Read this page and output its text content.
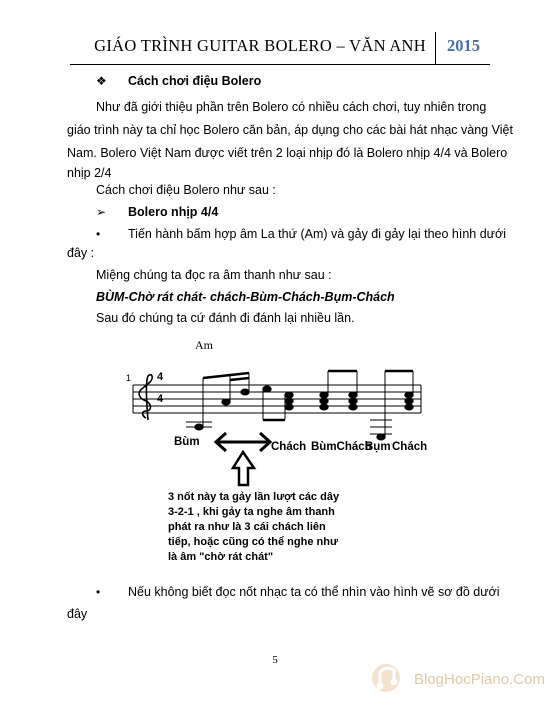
GIÁO TRÌNH GUITAR BOLERO – VĂN ANH 2015
❖ Cách chơi điệu Bolero
Như đã giới thiệu phần trên Bolero có nhiều cách chơi, tuy nhiên trong
giáo trình này ta chỉ học Bolero căn bản, áp dụng cho các bài hát nhạc vàng Việt
Nam. Bolero Việt Nam được viết trên 2 loại nhịp đó là Bolero nhịp 4/4 và Bolero
nhịp 2/4
Cách chơi điệu Bolero như sau :
➢ Bolero nhịp 4/4
• Tiến hành bấm hợp âm La thứ (Am) và gảy đi gảy lại theo hình dưới
đây :
Miệng chúng ta đọc ra âm thanh như sau :
BÙM-Chờ rát chát- chách-Bùm-Chách-Bụm-Chách
Sau đó chúng ta cứ đánh đi đánh lại nhiều lần.
Am
4
4
1
Bùm	Chách BùmChách
Bụm Chách
3 nốt này ta gảy lần lượt các dây
3-2-1 , khi gảy ta nghe âm thanh
phát ra như là 3 cái chách liên
tiếp, hoặc cũng có thể nghe như
là âm "chờ rát chát"
• Nếu không biết đọc nốt nhạc ta có thể nhìn vào hình vẽ sơ đồ dưới
đây
5
BlogHocPiano.Com
